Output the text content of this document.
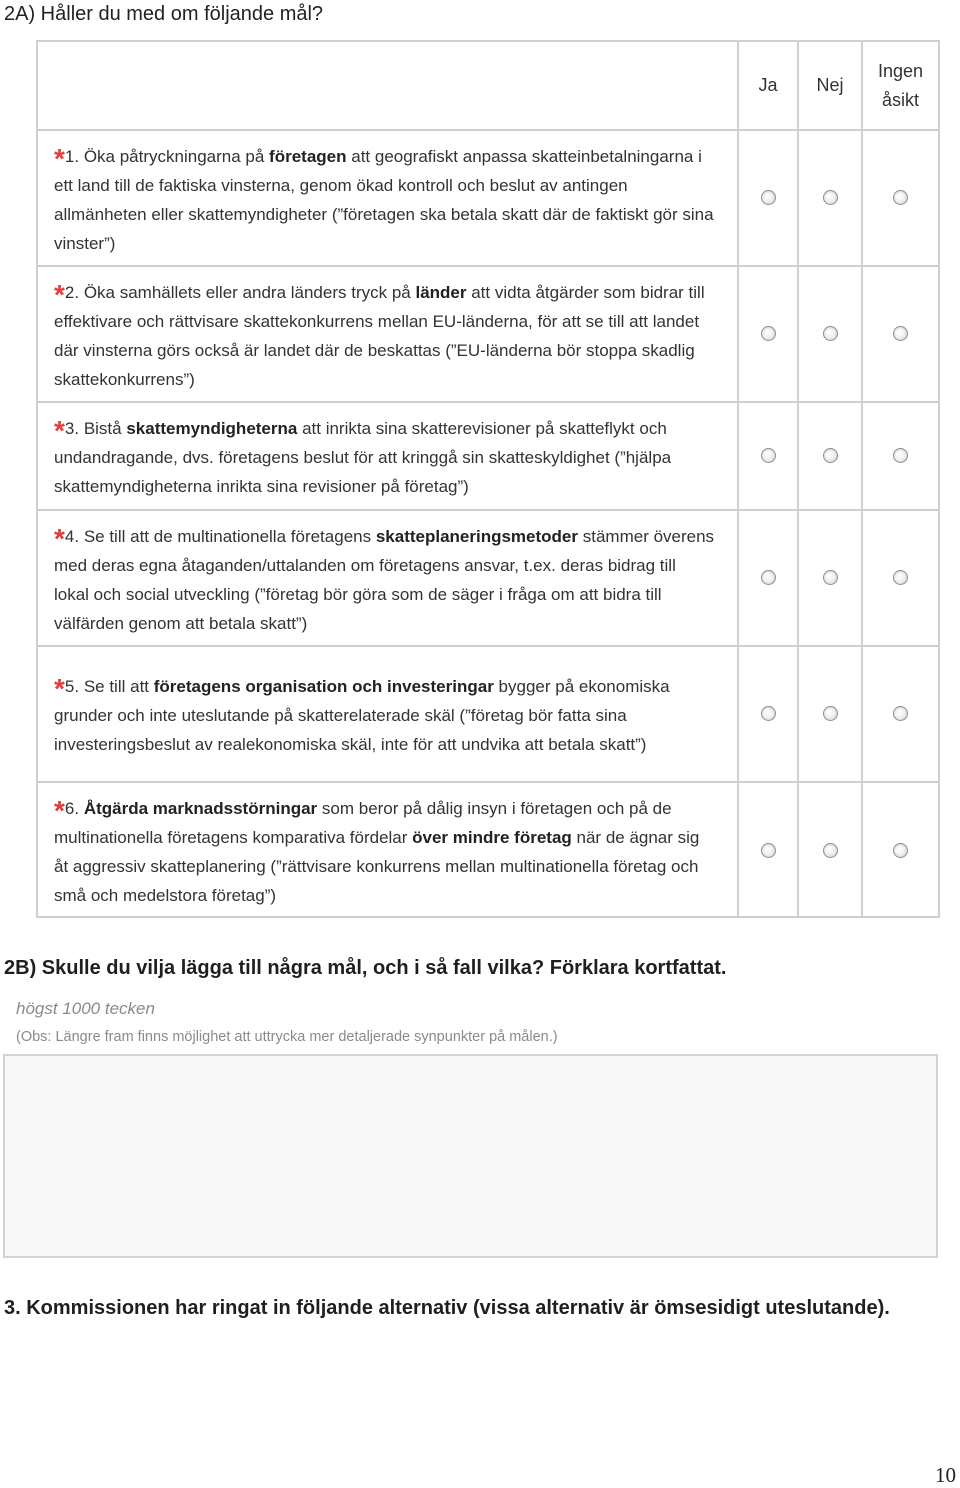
2A) Håller du med om följande mål?
	Ja	Nej	Ingen
åsikt
*1. Öka påtryckningarna på företagen att geografiskt anpassa skatteinbetalningarna i ett land till de faktiska vinsterna, genom ökad kontroll och beslut av antingen allmänheten eller skattemyndigheter (”företagen ska betala skatt där de faktiskt gör sina vinster”)			
*2. Öka samhällets eller andra länders tryck på länder att vidta åtgärder som bidrar till effektivare och rättvisare skattekonkurrens mellan EU-länderna, för att se till att landet där vinsterna görs också är landet där de beskattas (”EU-länderna bör stoppa skadlig skattekonkurrens”)			
*3. Bistå skattemyndigheterna att inrikta sina skatterevisioner på skatteflykt och undandragande, dvs. företagens beslut för att kringgå sin skatteskyldighet (”hjälpa skattemyndigheterna inrikta sina revisioner på företag”)			
*4. Se till att de multinationella företagens skatteplaneringsmetoder stämmer överens med deras egna åtaganden/uttalanden om företagens ansvar, t.ex. deras bidrag till lokal och social utveckling (”företag bör göra som de säger i fråga om att bidra till välfärden genom att betala skatt”)			
*5. Se till att företagens organisation och investeringar bygger på ekonomiska grunder och inte uteslutande på skatterelaterade skäl (”företag bör fatta sina investeringsbeslut av realekonomiska skäl, inte för att undvika att betala skatt”)			
*6. Åtgärda marknadsstörningar som beror på dålig insyn i företagen och på de multinationella företagens komparativa fördelar över mindre företag när de ägnar sig åt aggressiv skatteplanering (”rättvisare konkurrens mellan multinationella företag och små och medelstora företag”)			
2B) Skulle du vilja lägga till några mål, och i så fall vilka? Förklara kortfattat.

högst 1000 tecken

(Obs: Längre fram finns möjlighet att uttrycka mer detaljerade synpunkter på målen.)

3. Kommissionen har ringat in följande alternativ (vissa alternativ är ömsesidigt uteslutande).

10
